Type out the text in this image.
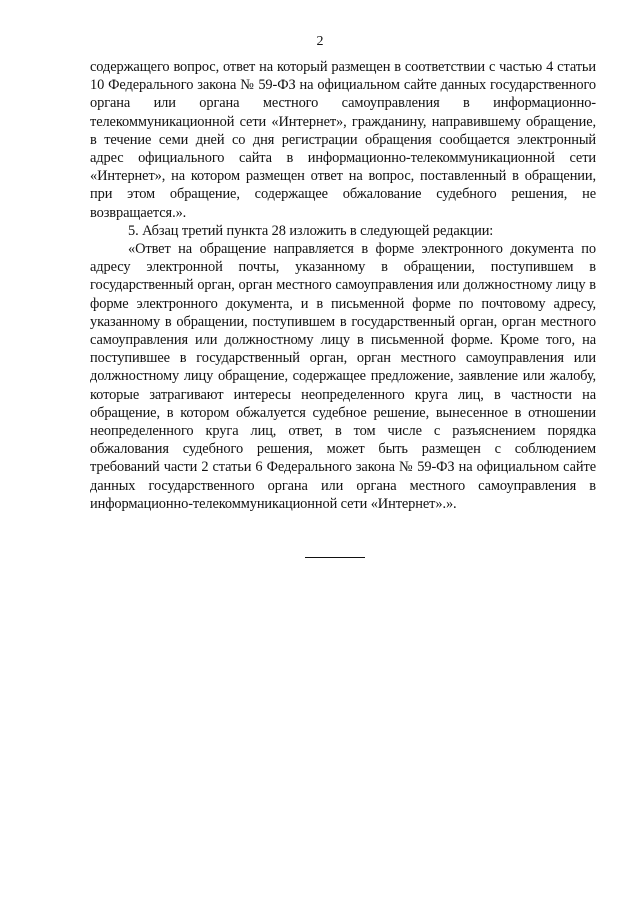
2

содержащего вопрос, ответ на который размещен в соответствии с частью 4 статьи 10 Федерального закона № 59-ФЗ на официальном сайте данных государственного органа или органа местного самоуправления в информационно-телекоммуникационной сети «Интернет», гражданину, направившему обращение, в течение семи дней со дня регистрации обращения сообщается электронный адрес официального сайта в информационно-телекоммуникационной сети «Интернет», на котором размещен ответ на вопрос, поставленный в обращении, при этом обращение, содержащее обжалование судебного решения, не возвращается.».

5. Абзац третий пункта 28 изложить в следующей редакции:

«Ответ на обращение направляется в форме электронного документа по адресу электронной почты, указанному в обращении, поступившем в государственный орган, орган местного самоуправления или должностному лицу в форме электронного документа, и в письменной форме по почтовому адресу, указанному в обращении, поступившем в государственный орган, орган местного самоуправления или должностному лицу в письменной форме. Кроме того, на поступившее в государственный орган, орган местного самоуправления или должностному лицу обращение, содержащее предложение, заявление или жалобу, которые затрагивают интересы неопределенного круга лиц, в частности на обращение, в котором обжалуется судебное решение, вынесенное в отношении неопределенного круга лиц, ответ, в том числе с разъяснением порядка обжалования судебного решения, может быть размещен с соблюдением требований части 2 статьи 6 Федерального закона № 59-ФЗ на официальном сайте данных государственного органа или органа местного самоуправления в информационно-телекоммуникационной сети «Интернет».».
